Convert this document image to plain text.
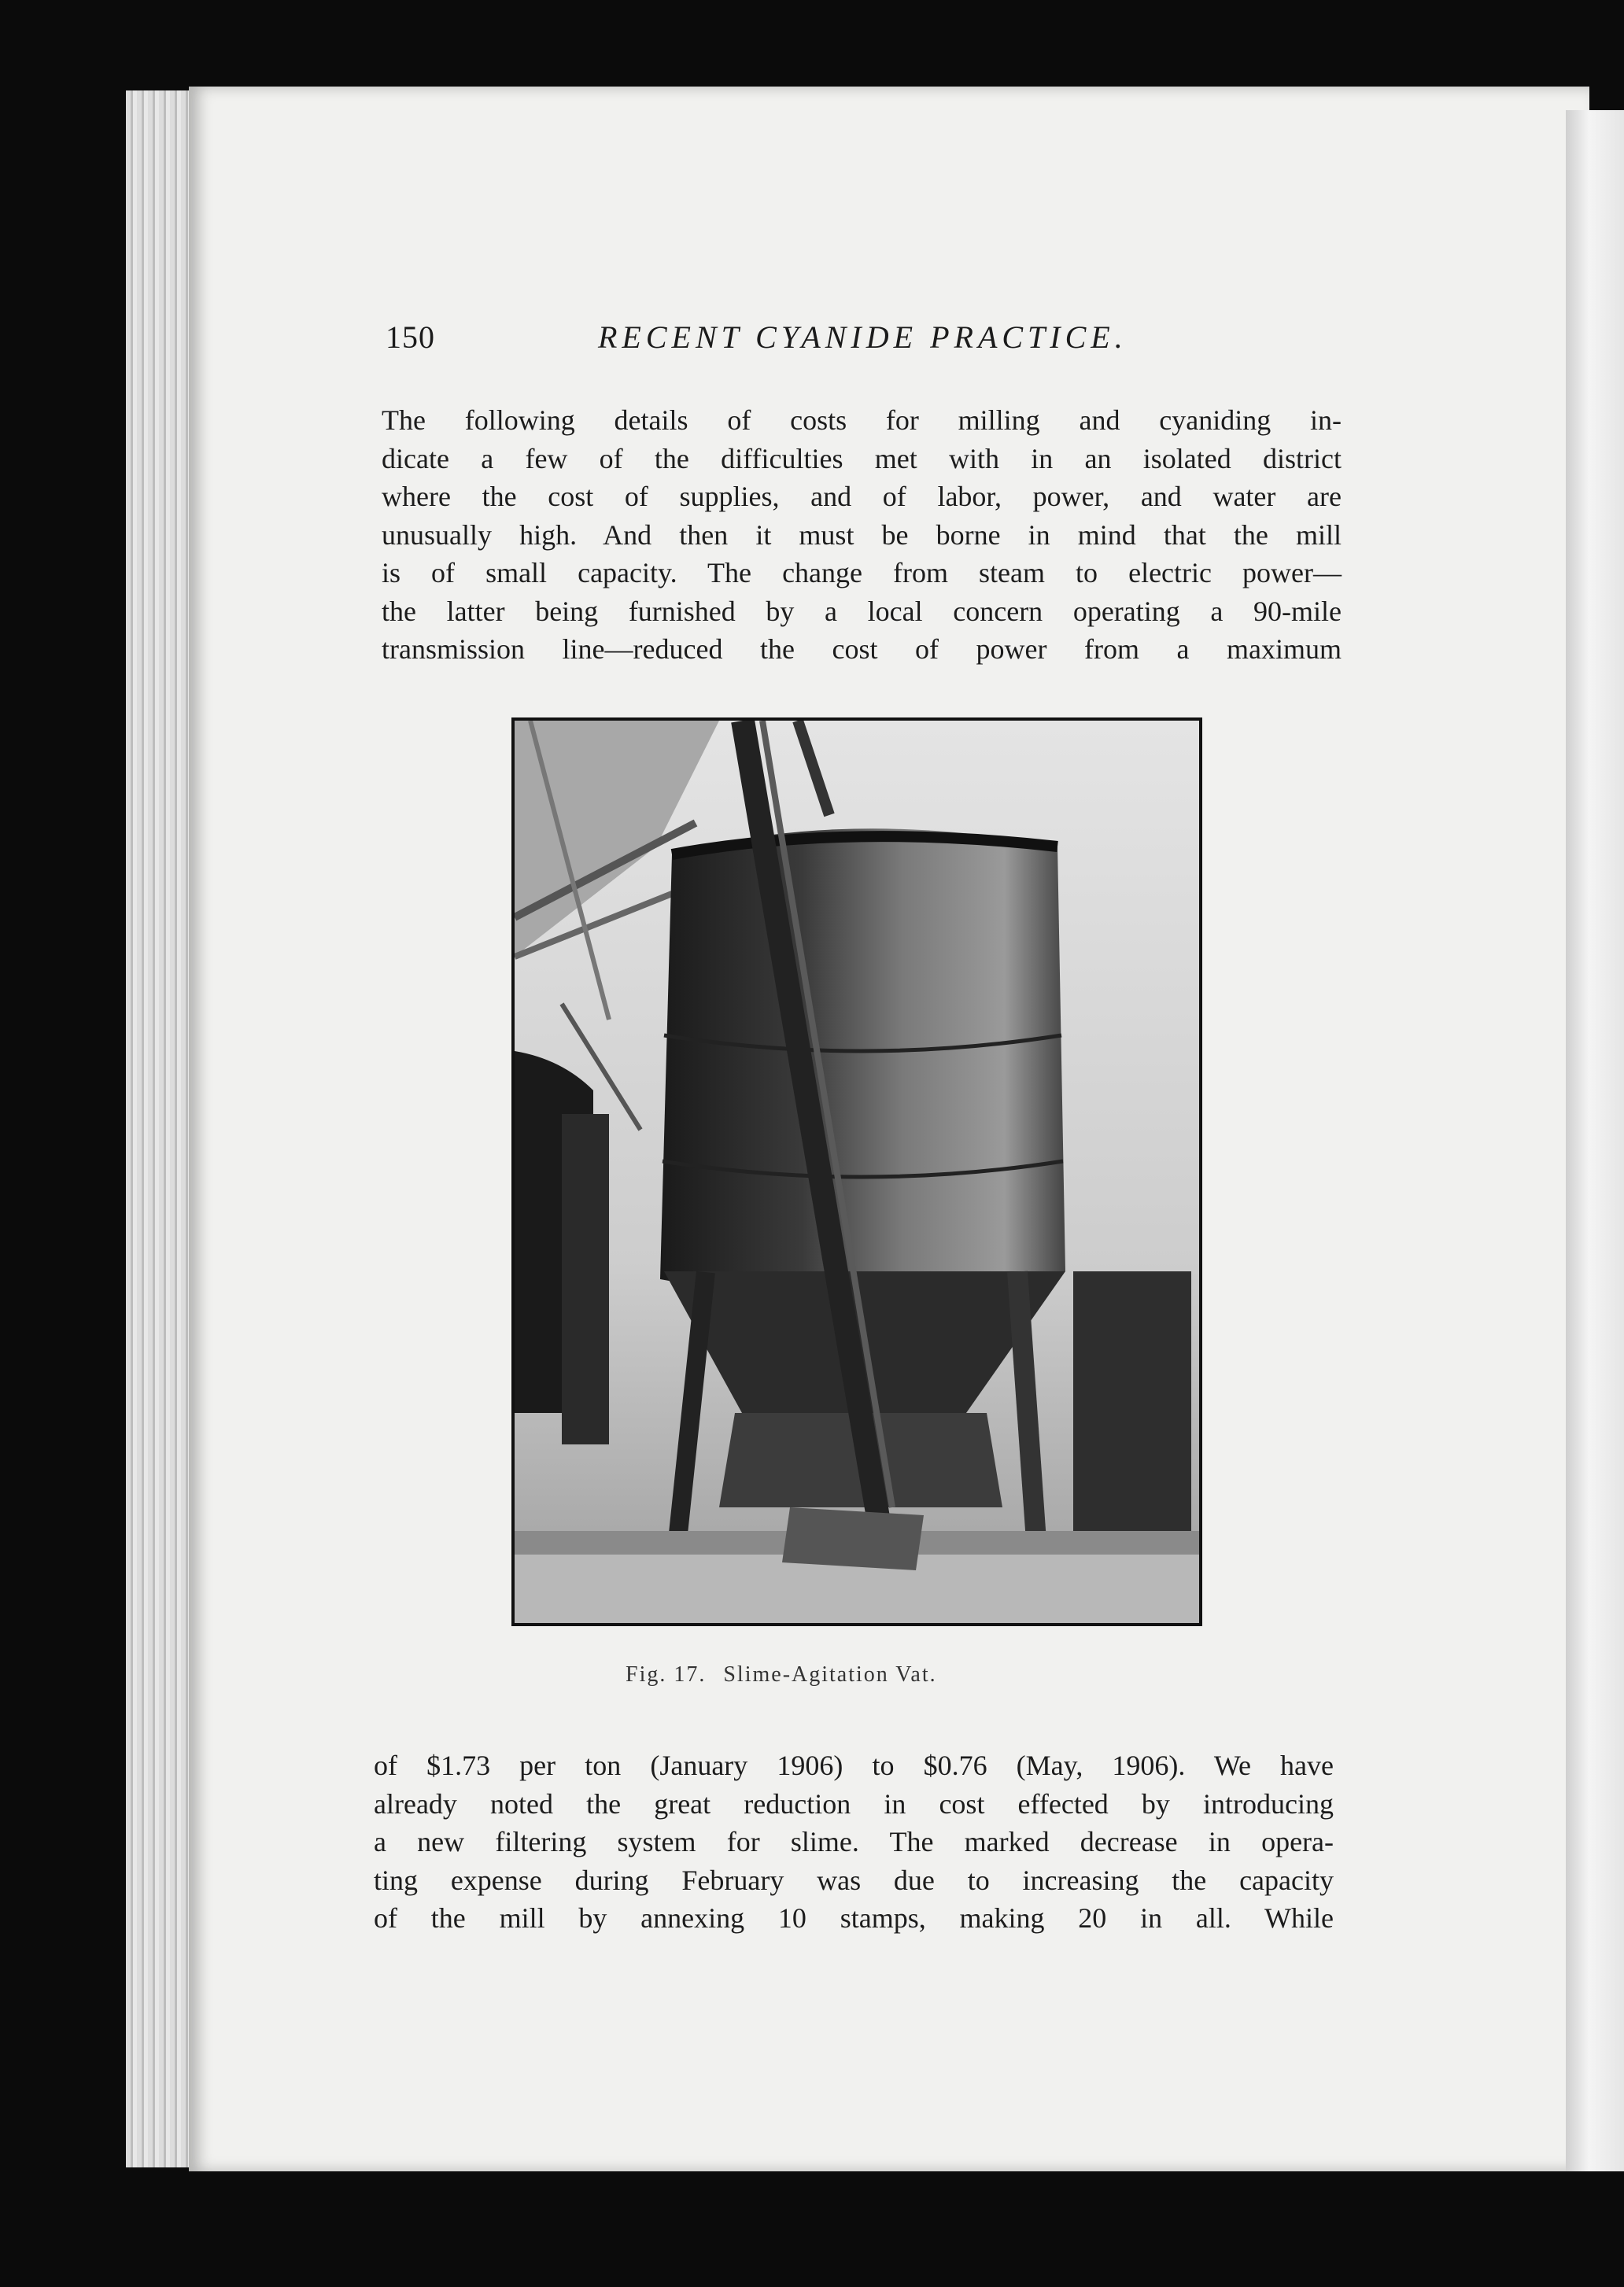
150	RECENT CYANIDE PRACTICE.
The following details of costs for milling and cyaniding in-
dicate a few of the difficulties met with in an isolated district
where the cost of supplies, and of labor, power, and water are
unusually high. And then it must be borne in mind that the mill
is of small capacity. The change from steam to electric power—
the latter being furnished by a local concern operating a 90-mile
transmission line—reduced the cost of power from a maximum
Fig. 17. Slime-Agitation Vat.
of $1.73 per ton (January 1906) to $0.76 (May, 1906). We have
already noted the great reduction in cost effected by introducing
a new filtering system for slime. The marked decrease in opera-
ting expense during February was due to increasing the capacity
of the mill by annexing 10 stamps, making 20 in all. While
